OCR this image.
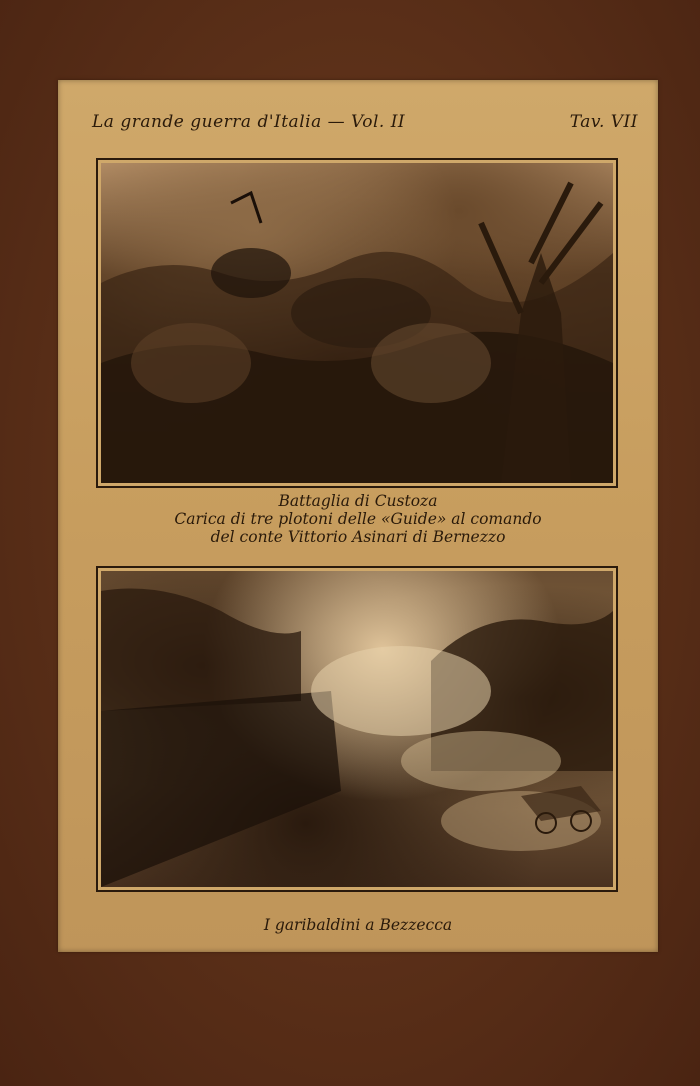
La grande guerra d'Italia — Vol. II	Tav. VII
Battaglia di Custoza
Carica di tre plotoni delle «Guide» al comando
del conte Vittorio Asinari di Bernezzo
I garibaldini a Bezzecca
